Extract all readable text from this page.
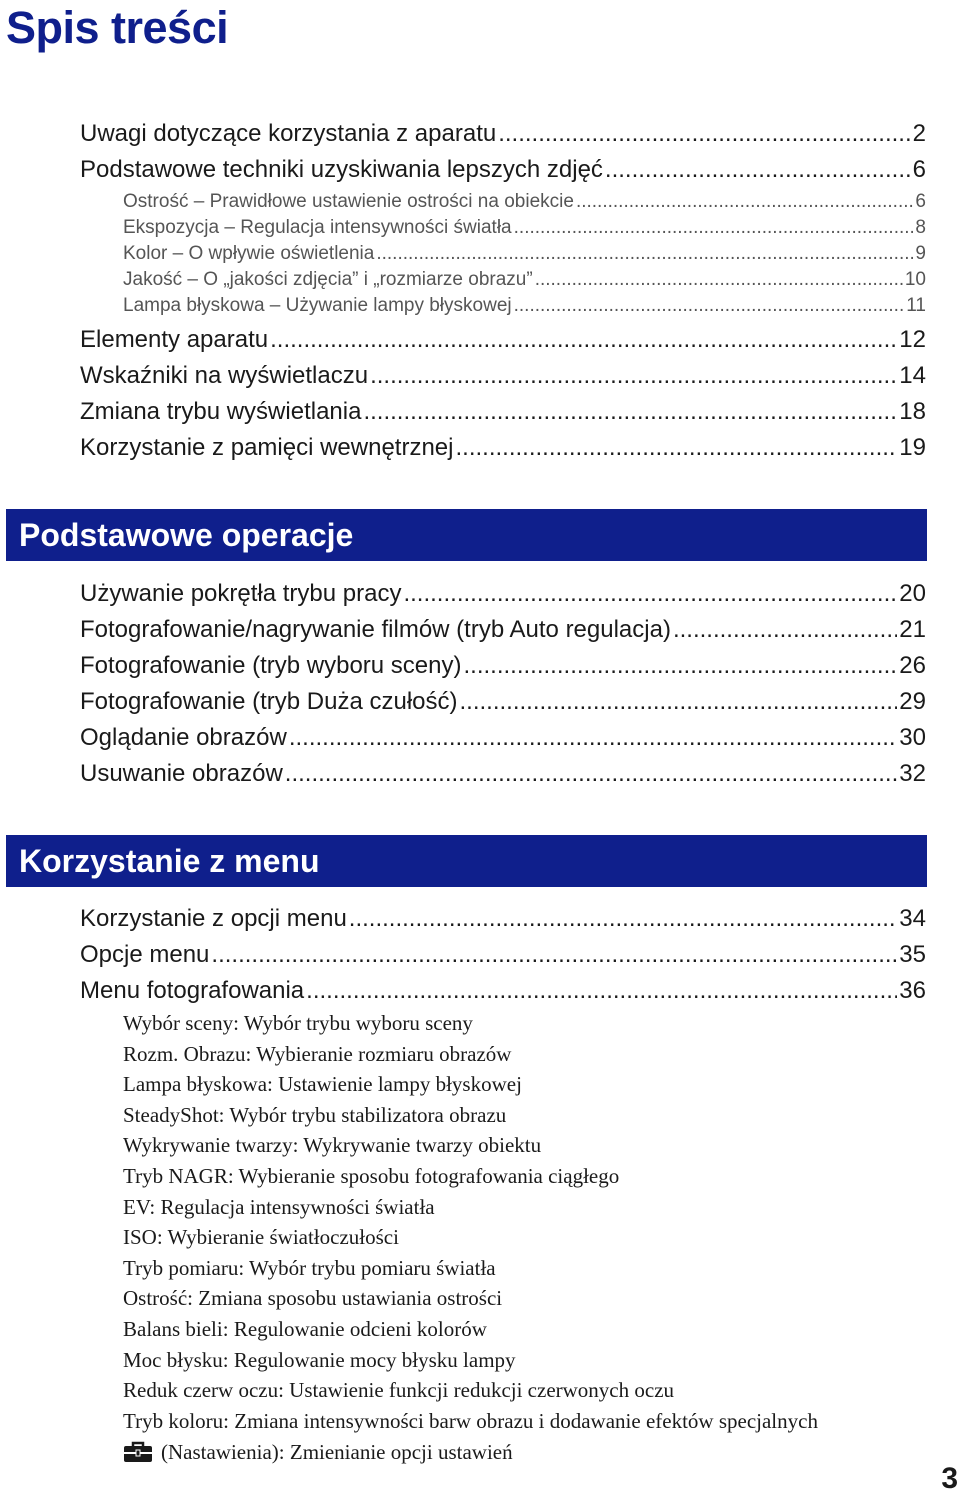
Spis treści
Uwagi dotyczące korzystania z aparatu .....	2
Podstawowe techniki uzyskiwania lepszych zdjęć .....	6
Ostrość – Prawidłowe ustawienie ostrości na obiekcie .....	6
Ekspozycja – Regulacja intensywności światła .....	8
Kolor – O wpływie oświetlenia .....	9
Jakość – O „jakości zdjęcia” i „rozmiarze obrazu” .....	10
Lampa błyskowa – Używanie lampy błyskowej .....	11
Elementy aparatu .....	12
Wskaźniki na wyświetlaczu .....	14
Zmiana trybu wyświetlania .....	18
Korzystanie z pamięci wewnętrznej .....	19
Podstawowe operacje
Używanie pokrętła trybu pracy .....	20
Fotografowanie/nagrywanie filmów (tryb Auto regulacja) .....	21
Fotografowanie (tryb wyboru sceny) .....	26
Fotografowanie (tryb Duża czułość) .....	29
Oglądanie obrazów .....	30
Usuwanie obrazów .....	32
Korzystanie z menu
Korzystanie z opcji menu .....	34
Opcje menu .....	35
Menu fotografowania .....	36
Wybór sceny: Wybór trybu wyboru sceny
Rozm. Obrazu: Wybieranie rozmiaru obrazów
Lampa błyskowa: Ustawienie lampy błyskowej
SteadyShot: Wybór trybu stabilizatora obrazu
Wykrywanie twarzy: Wykrywanie twarzy obiektu
Tryb NAGR: Wybieranie sposobu fotografowania ciągłego
EV: Regulacja intensywności światła
ISO: Wybieranie światłoczułości
Tryb pomiaru: Wybór trybu pomiaru światła
Ostrość: Zmiana sposobu ustawiania ostrości
Balans bieli: Regulowanie odcieni kolorów
Moc błysku: Regulowanie mocy błysku lampy
Reduk czerw oczu: Ustawienie funkcji redukcji czerwonych oczu
Tryb koloru: Zmiana intensywności barw obrazu i dodawanie efektów specjalnych
(Nastawienia): Zmienianie opcji ustawień
3
